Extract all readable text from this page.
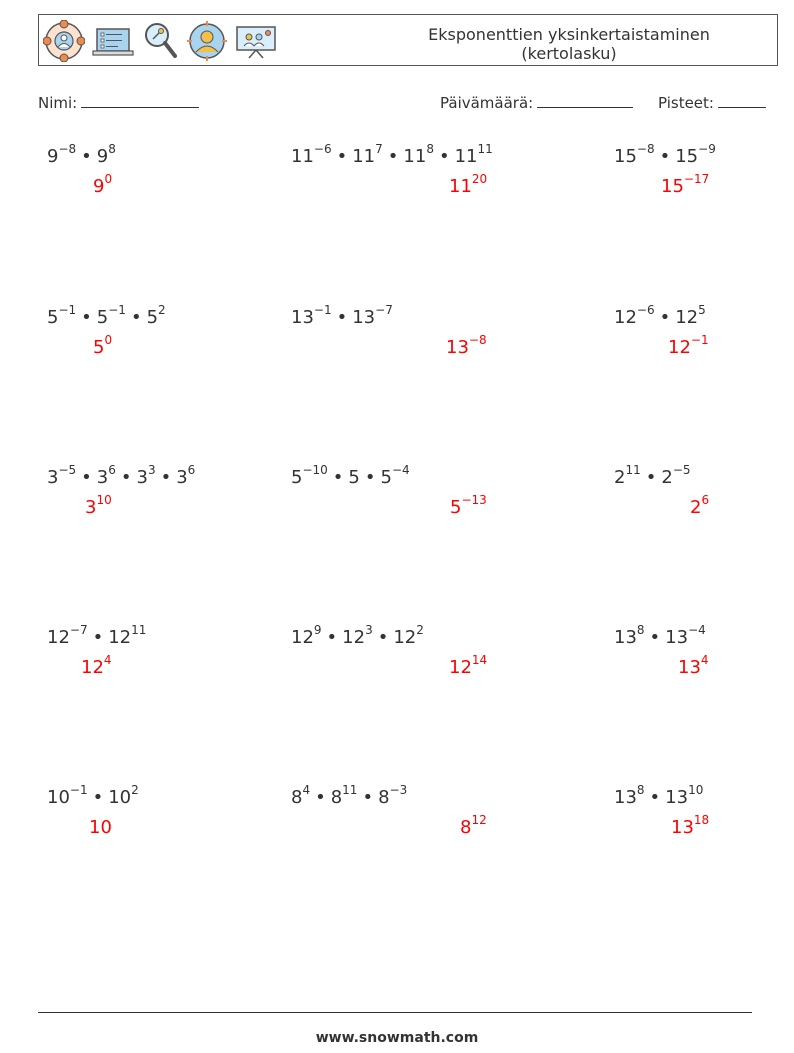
Eksponenttien yksinkertaistaminen
(kertolasku)
Nimi:	Päivämäärä:	Pisteet:
$9^{-8}$ • $9^8$
$9^0$
$11^{-6}$ • $11^7$ • $11^8$ • $11^{11}$
$11^{20}$
$15^{-8}$ • $15^{-9}$
$15^{-17}$
$5^{-1}$ • $5^{-1}$ • $5^2$
$5^0$
$13^{-1}$ • $13^{-7}$
$13^{-8}$
$12^{-6}$ • $12^5$
$12^{-1}$
$3^{-5}$ • $3^6$ • $3^3$ • $3^6$
$3^{10}$
$5^{-10}$ • 5 • $5^{-4}$
$5^{-13}$
$2^{11}$ • $2^{-5}$
$2^6$
$12^{-7}$ • $12^{11}$
$12^4$
$12^9$ • $12^3$ • $12^2$
$12^{14}$
$13^8$ • $13^{-4}$
$13^4$
$10^{-1}$ • $10^2$
10
$8^4$ • $8^{11}$ • $8^{-3}$
$8^{12}$
$13^8$ • $13^{10}$
$13^{18}$
www.snowmath.com
